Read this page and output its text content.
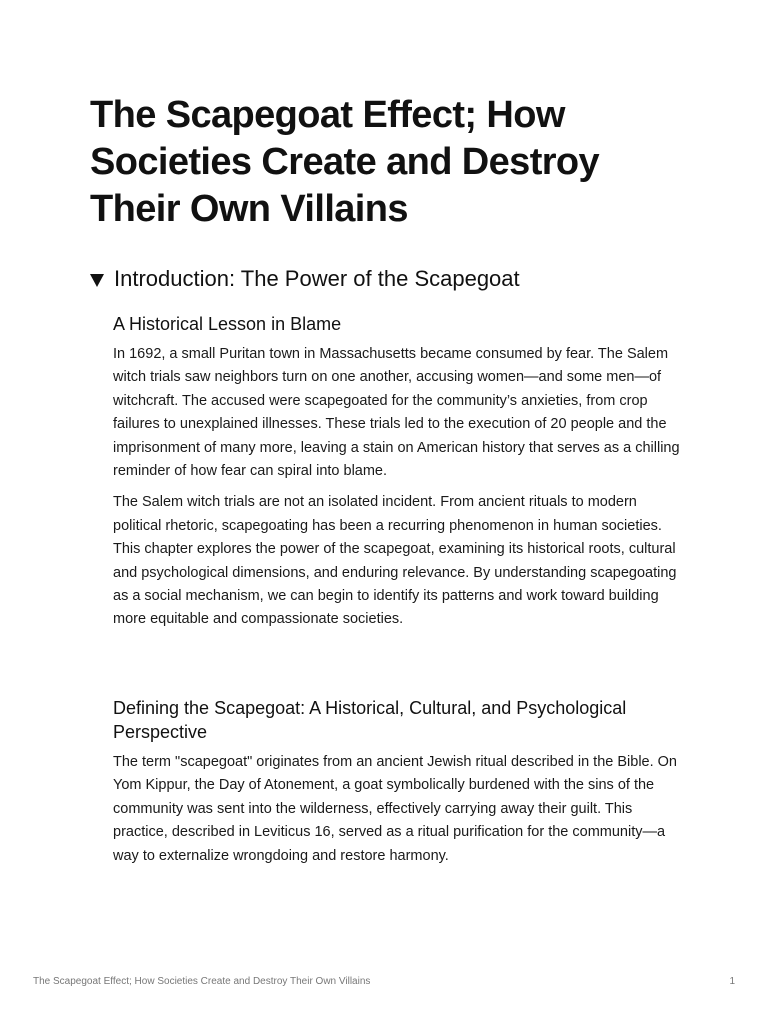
The Scapegoat Effect; How Societies Create and Destroy Their Own Villains
Introduction: The Power of the Scapegoat
A Historical Lesson in Blame

In 1692, a small Puritan town in Massachusetts became consumed by fear. The Salem witch trials saw neighbors turn on one another, accusing women—and some men—of witchcraft. The accused were scapegoated for the community’s anxieties, from crop failures to unexplained illnesses. These trials led to the execution of 20 people and the imprisonment of many more, leaving a stain on American history that serves as a chilling reminder of how fear can spiral into blame.

The Salem witch trials are not an isolated incident. From ancient rituals to modern political rhetoric, scapegoating has been a recurring phenomenon in human societies. This chapter explores the power of the scapegoat, examining its historical roots, cultural and psychological dimensions, and enduring relevance. By understanding scapegoating as a social mechanism, we can begin to identify its patterns and work toward building more equitable and compassionate societies.

Defining the Scapegoat: A Historical, Cultural, and Psychological Perspective

The term "scapegoat" originates from an ancient Jewish ritual described in the Bible. On Yom Kippur, the Day of Atonement, a goat symbolically burdened with the sins of the community was sent into the wilderness, effectively carrying away their guilt. This practice, described in Leviticus 16, served as a ritual purification for the community—a way to externalize wrongdoing and restore harmony.

The Scapegoat Effect; How Societies Create and Destroy Their Own Villains	1
